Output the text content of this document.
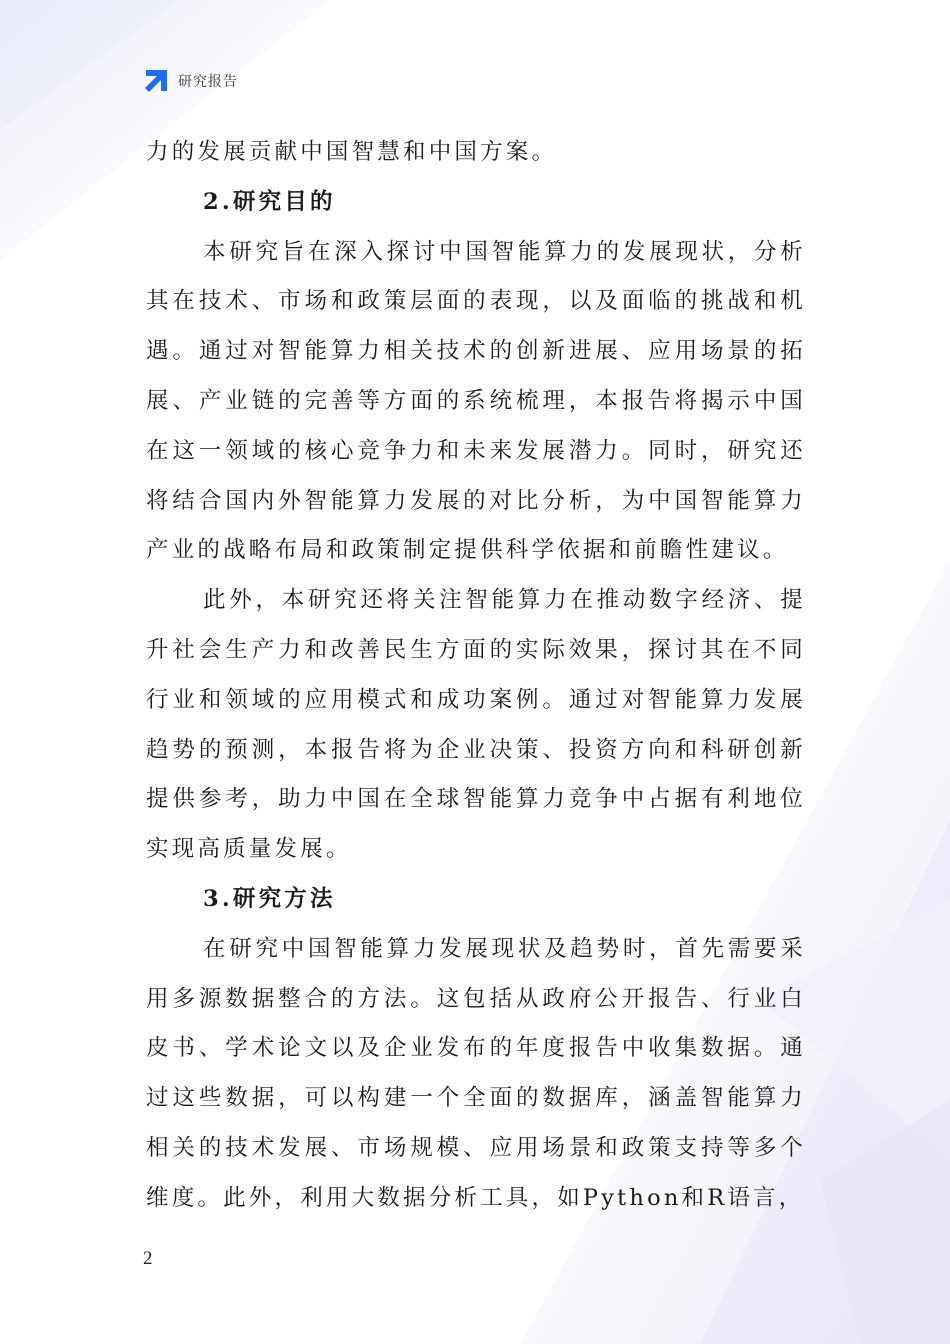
研究报告

力的发展贡献中国智慧和中国方案。

2.研究目的

本研究旨在深入探讨中国智能算力的发展现状，分析其在技术、市场和政策层面的表现，以及面临的挑战和机遇。通过对智能算力相关技术的创新进展、应用场景的拓展、产业链的完善等方面的系统梳理，本报告将揭示中国在这一领域的核心竞争力和未来发展潜力。同时，研究还将结合国内外智能算力发展的对比分析，为中国智能算力产业的战略布局和政策制定提供科学依据和前瞻性建议。

此外，本研究还将关注智能算力在推动数字经济、提升社会生产力和改善民生方面的实际效果，探讨其在不同行业和领域的应用模式和成功案例。通过对智能算力发展趋势的预测，本报告将为企业决策、投资方向和科研创新提供参考，助力中国在全球智能算力竞争中占据有利地位实现高质量发展。

3.研究方法

在研究中国智能算力发展现状及趋势时，首先需要采用多源数据整合的方法。这包括从政府公开报告、行业白皮书、学术论文以及企业发布的年度报告中收集数据。通过这些数据，可以构建一个全面的数据库，涵盖智能算力相关的技术发展、市场规模、应用场景和政策支持等多个维度。此外，利用大数据分析工具，如Python和R语言，

2
